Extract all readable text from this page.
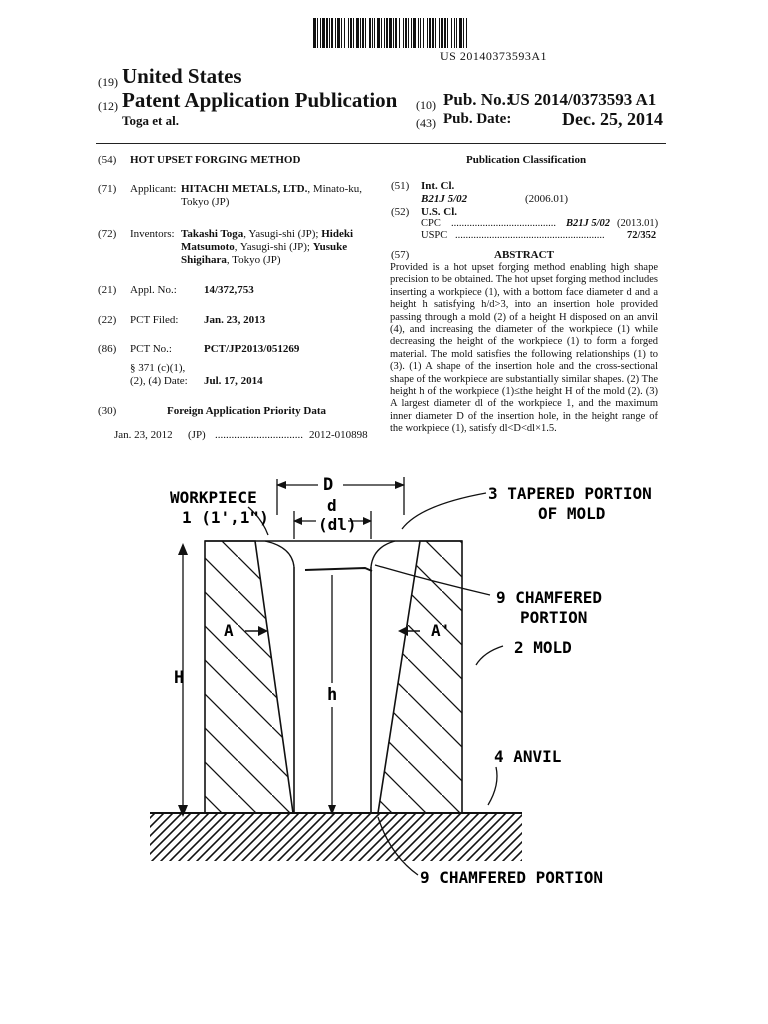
US 20140373593A1
(19) United States
(12) Patent Application Publication
Toga et al.
(10) Pub. No.:
US 2014/0373593 A1
(43) Pub. Date:	Dec. 25, 2014
(54) HOT UPSET FORGING METHOD
(71) Applicant: HITACHI METALS, LTD., Minato-ku,
Tokyo (JP)
(72) Inventors: Takashi Toga, Yasugi-shi (JP); Hideki
Matsumoto, Yasugi-shi (JP); Yusuke
Shigihara, Tokyo (JP)
(21) Appl. No.: 14/372,753
(22) PCT Filed: Jan. 23, 2013
(86) PCT No.:	PCT/JP2013/051269
§ 371 (c)(1),
(2), (4) Date: Jul. 17, 2014
(30)	Foreign Application Priority Data
Jan. 23, 2012 (JP) ................................ 2012-010898
Publication Classification
(51) Int. Cl.
B21J 5/02	(2006.01)
(52) U.S. Cl.
CPC ........................................ B21J 5/02 (2013.01)
USPC ......................................................... 72/352
(57)	ABSTRACT
Provided is a hot upset forging method enabling high shape precision to be obtained. The hot upset forging method includes inserting a workpiece (1), with a bottom face diameter d and a height h satisfying h/d>3, into an insertion hole provided passing through a mold (2) of a height H disposed on an anvil (4), and increasing the diameter of the workpiece (1) while decreasing the height of the workpiece (1) to form a forged material. The mold satisfies the following relationships (1) to (3). (1) A shape of the insertion hole and the cross-sectional shape of the workpiece are substantially similar shapes. (2) The height h of the workpiece (1)≤the height H of the mold (2). (3) A largest diameter dl of the workpiece 1, and the maximum inner diameter D of the insertion hole, in the height range of the workpiece (1), satisfy dl<D<dl×1.5.
WORKPIECE
1 (1',1")
D
d
(dl)
3 TAPERED PORTION
OF MOLD
9 CHAMFERED
PORTION
2 MOLD
A	A'
H
h
4 ANVIL
9 CHAMFERED PORTION
